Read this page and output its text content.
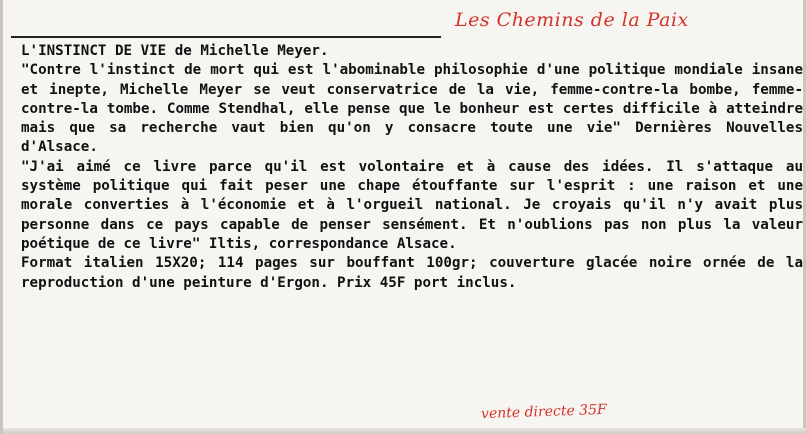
Les Chemins de la Paix
L'INSTINCT DE VIE de Michelle Meyer.

"Contre l'instinct de mort qui est l'abominable philosophie d'une politique mondiale insane et inepte, Michelle Meyer se veut conservatrice de la vie, femme-contre-la bombe, femme-contre-la tombe. Comme Stendhal, elle pense que le bonheur est certes difficile à atteindre mais que sa recherche vaut bien qu'on y consacre toute une vie" Dernières Nouvelles d'Alsace.

"J'ai aimé ce livre parce qu'il est volontaire et à cause des idées. Il s'attaque au système politique qui fait peser une chape étouffante sur l'esprit : une raison et une morale converties à l'économie et à l'orgueil national. Je croyais qu'il n'y avait plus personne dans ce pays capable de penser sensément. Et n'oublions pas non plus la valeur poétique de ce livre" Iltis, correspondance Alsace.

Format italien 15X20; 114 pages sur bouffant 100gr; couverture glacée noire ornée de la reproduction d'une peinture d'Ergon. Prix 45F port inclus.

vente directe 35F
